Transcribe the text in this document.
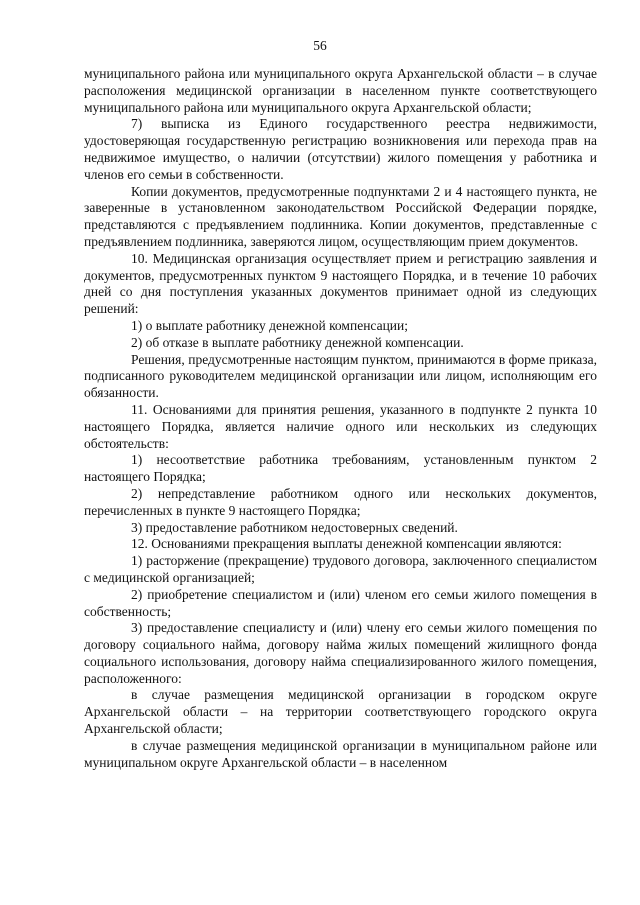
56

муниципального района или муниципального округа Архангельской области – в случае расположения медицинской организации в населенном пункте соответствующего муниципального района или муниципального округа Архангельской области;

7) выписка из Единого государственного реестра недвижимости, удостоверяющая государственную регистрацию возникновения или перехода прав на недвижимое имущество, о наличии (отсутствии) жилого помещения у работника и членов его семьи в собственности.

Копии документов, предусмотренные подпунктами 2 и 4 настоящего пункта, не заверенные в установленном законодательством Российской Федерации порядке, представляются с предъявлением подлинника. Копии документов, представленные с предъявлением подлинника, заверяются лицом, осуществляющим прием документов.

10. Медицинская организация осуществляет прием и регистрацию заявления и документов, предусмотренных пунктом 9 настоящего Порядка, и в течение 10 рабочих дней со дня поступления указанных документов принимает одной из следующих решений:

1) о выплате работнику денежной компенсации;

2) об отказе в выплате работнику денежной компенсации.

Решения, предусмотренные настоящим пунктом, принимаются в форме приказа, подписанного руководителем медицинской организации или лицом, исполняющим его обязанности.

11. Основаниями для принятия решения, указанного в подпункте 2 пункта 10 настоящего Порядка, является наличие одного или нескольких из следующих обстоятельств:

1) несоответствие работника требованиям, установленным пунктом 2 настоящего Порядка;

2) непредставление работником одного или нескольких документов, перечисленных в пункте 9 настоящего Порядка;

3) предоставление работником недостоверных сведений.

12. Основаниями прекращения выплаты денежной компенсации являются:

1) расторжение (прекращение) трудового договора, заключенного специалистом с медицинской организацией;

2) приобретение специалистом и (или) членом его семьи жилого помещения в собственность;

3) предоставление специалисту и (или) члену его семьи жилого помещения по договору социального найма, договору найма жилых помещений жилищного фонда социального использования, договору найма специализированного жилого помещения, расположенного:

в случае размещения медицинской организации в городском округе Архангельской области – на территории соответствующего городского округа Архангельской области;

в случае размещения медицинской организации в муниципальном районе или муниципальном округе Архангельской области – в населенном
